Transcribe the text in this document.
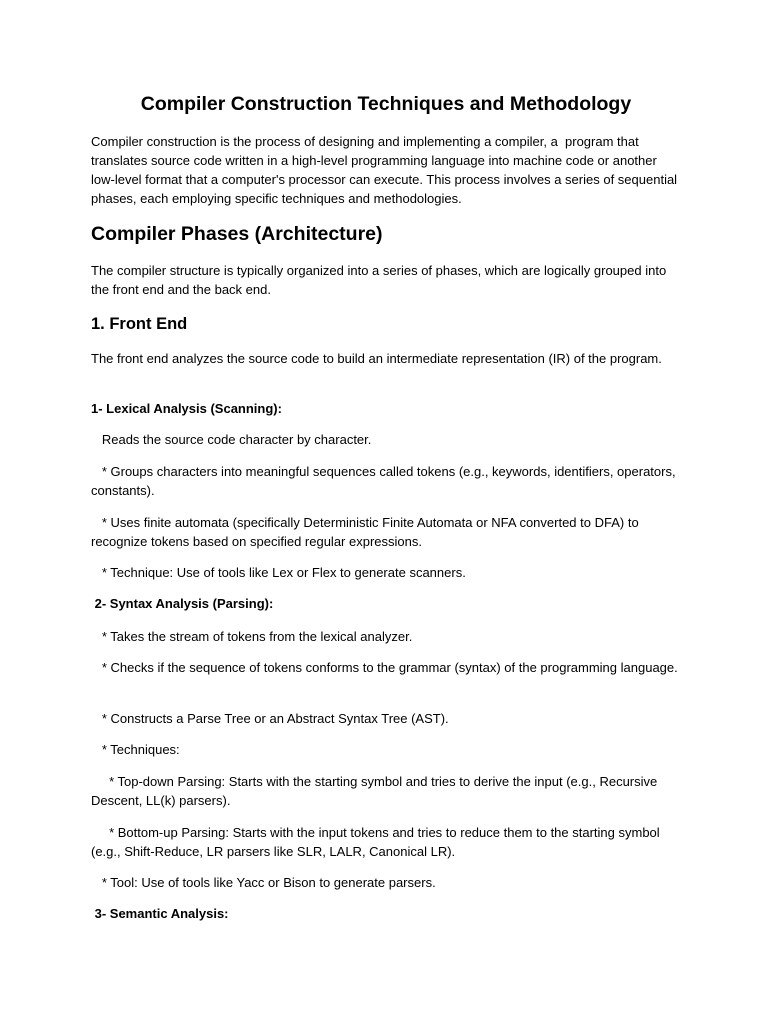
Compiler Construction Techniques and Methodology

Compiler construction is the process of designing and implementing a compiler, a  program that translates source code written in a high-level programming language into machine code or another low-level format that a computer's processor can execute. This process involves a series of sequential phases, each employing specific techniques and methodologies.

Compiler Phases (Architecture)

The compiler structure is typically organized into a series of phases, which are logically grouped into the front end and the back end.

1. Front End

The front end analyzes the source code to build an intermediate representation (IR) of the program.

1- Lexical Analysis (Scanning):

Reads the source code character by character.

* Groups characters into meaningful sequences called tokens (e.g., keywords, identifiers, operators, constants).

* Uses finite automata (specifically Deterministic Finite Automata or NFA converted to DFA) to recognize tokens based on specified regular expressions.

* Technique: Use of tools like Lex or Flex to generate scanners.

2- Syntax Analysis (Parsing):

* Takes the stream of tokens from the lexical analyzer.

* Checks if the sequence of tokens conforms to the grammar (syntax) of the programming language.

* Constructs a Parse Tree or an Abstract Syntax Tree (AST).

* Techniques:

* Top-down Parsing: Starts with the starting symbol and tries to derive the input (e.g., Recursive Descent, LL(k) parsers).

* Bottom-up Parsing: Starts with the input tokens and tries to reduce them to the starting symbol (e.g., Shift-Reduce, LR parsers like SLR, LALR, Canonical LR).

* Tool: Use of tools like Yacc or Bison to generate parsers.

3- Semantic Analysis:
